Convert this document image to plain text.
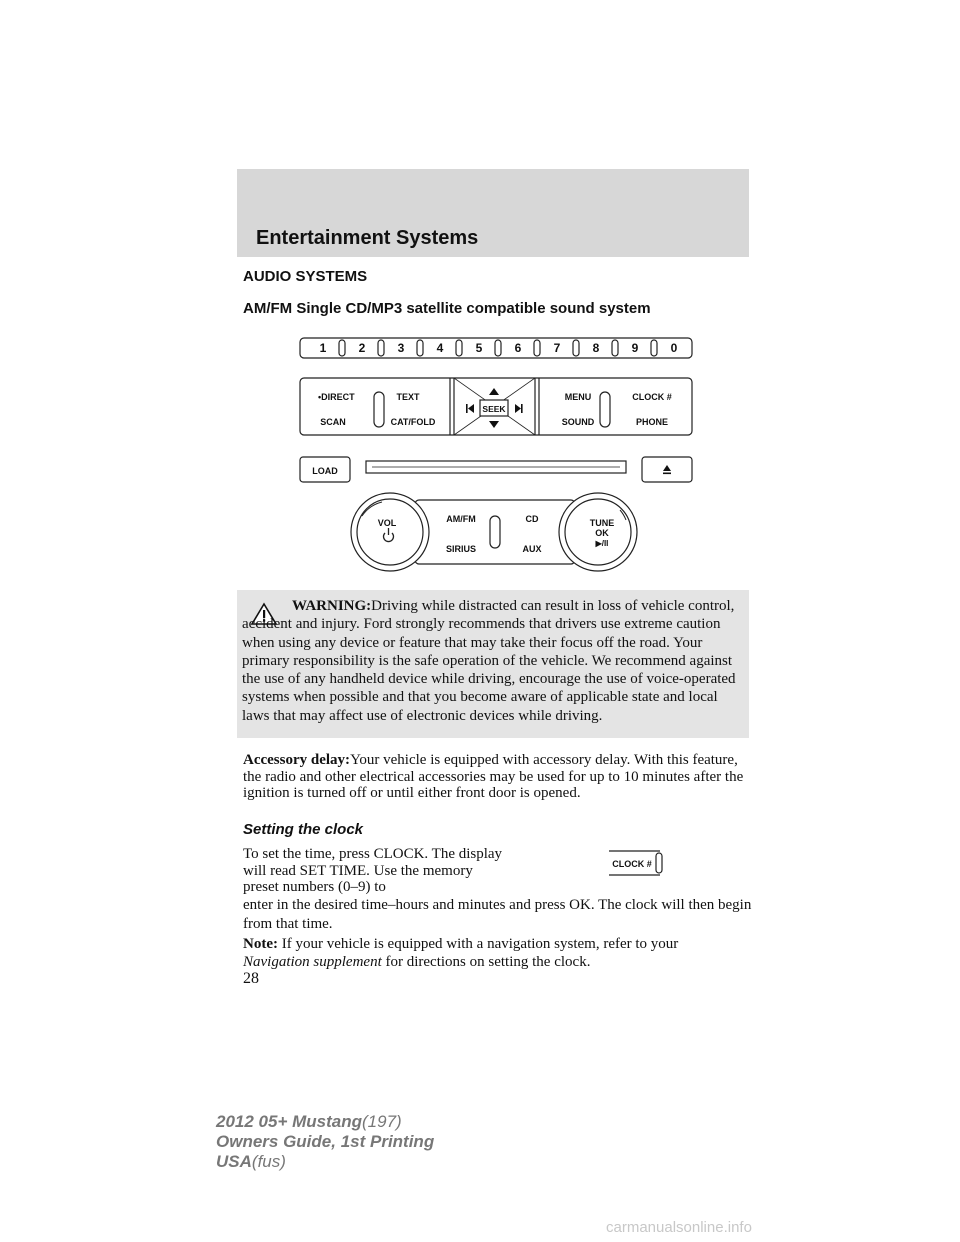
Entertainment Systems
AUDIO SYSTEMS
AM/FM Single CD/MP3 satellite compatible sound system
1	2	3	4	5	6	7	8	9	0
•DIRECT	TEXT
SCAN	CAT/FOLD
SEEK
MENU	CLOCK #
SOUND	PHONE
LOAD
VOL	AM/FM	CD
SIRIUS	AUX
TUNE
OK
▶/II
WARNING:Driving while distracted can result in loss of vehicle control, accident and injury. Ford strongly recommends that drivers use extreme caution when using any device or feature that may take their focus off the road. Your primary responsibility is the safe operation of the vehicle. We recommend against the use of any handheld device while driving, encourage the use of voice-operated systems when possible and that you become aware of applicable state and local laws that may affect use of electronic devices while driving.
Accessory delay:Your vehicle is equipped with accessory delay. With this feature, the radio and other electrical accessories may be used for up to 10 minutes after the ignition is turned off or until either front door is opened.
Setting the clock
To set the time, press CLOCK. The display will read SET TIME. Use the memory preset numbers (0–9) to
enter in the desired time–hours and minutes and press OK. The clock will then begin from that time.
CLOCK #
Note: If your vehicle is equipped with a navigation system, refer to your
Navigation supplement for directions on setting the clock.
28
2012 05+ Mustang(197)
Owners Guide, 1st Printing
USA(fus)
carmanualsonline.info
